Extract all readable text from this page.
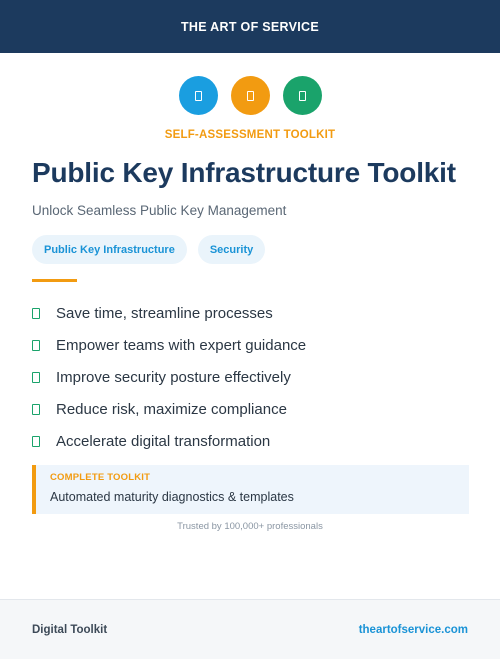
THE ART OF SERVICE
SELF-ASSESSMENT TOOLKIT
Public Key Infrastructure Toolkit
Unlock Seamless Public Key Management
Public Key Infrastructure	Security
Save time, streamline processes
Empower teams with expert guidance
Improve security posture effectively
Reduce risk, maximize compliance
Accelerate digital transformation
COMPLETE TOOLKIT
Automated maturity diagnostics & templates
Trusted by 100,000+ professionals
Digital Toolkit	theartofservice.com
